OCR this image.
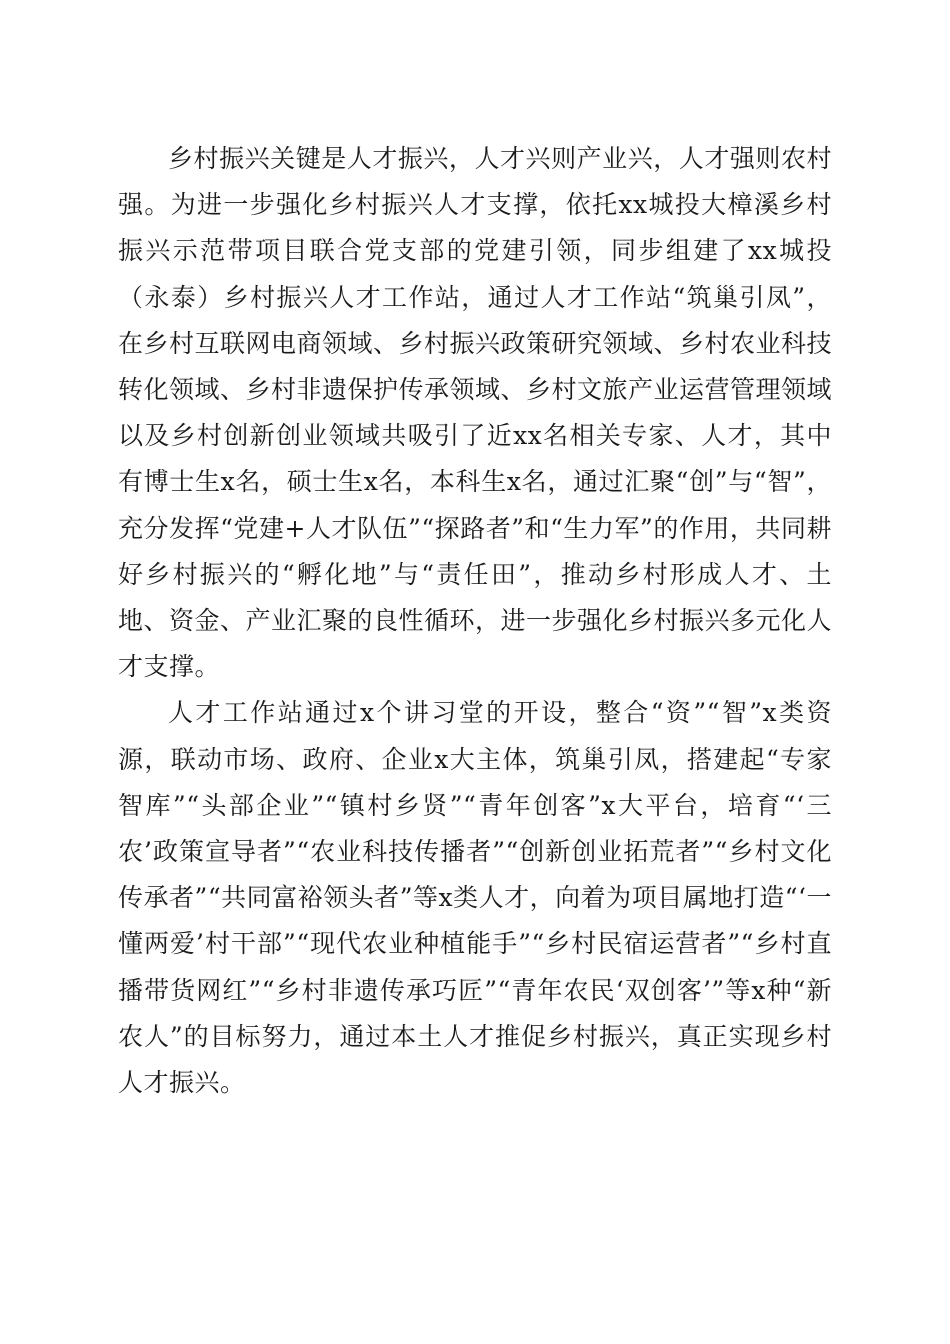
乡村振兴关键是人才振兴，人才兴则产业兴，人才强则农村强。为进一步强化乡村振兴人才支撑，依托xx城投大樟溪乡村振兴示范带项目联合党支部的党建引领，同步组建了xx城投（永泰）乡村振兴人才工作站，通过人才工作站“筑巢引凤”，在乡村互联网电商领域、乡村振兴政策研究领域、乡村农业科技转化领域、乡村非遗保护传承领域、乡村文旅产业运营管理领域以及乡村创新创业领域共吸引了近xx名相关专家、人才，其中有博士生x名，硕士生x名，本科生x名，通过汇聚“创”与“智”，充分发挥“党建+人才队伍”“探路者”和“生力军”的作用，共同耕好乡村振兴的“孵化地”与“责任田”，推动乡村形成人才、土地、资金、产业汇聚的良性循环，进一步强化乡村振兴多元化人才支撑。

人才工作站通过x个讲习堂的开设，整合“资”“智”x类资源，联动市场、政府、企业x大主体，筑巢引凤，搭建起“专家智库”“头部企业”“镇村乡贤”“青年创客”x大平台，培育“‘三农’政策宣导者”“农业科技传播者”“创新创业拓荒者”“乡村文化传承者”“共同富裕领头者”等x类人才，向着为项目属地打造“‘一懂两爱’村干部”“现代农业种植能手”“乡村民宿运营者”“乡村直播带货网红”“乡村非遗传承巧匠”“青年农民‘双创客’”等x种“新农人”的目标努力，通过本土人才推促乡村振兴，真正实现乡村人才振兴。
